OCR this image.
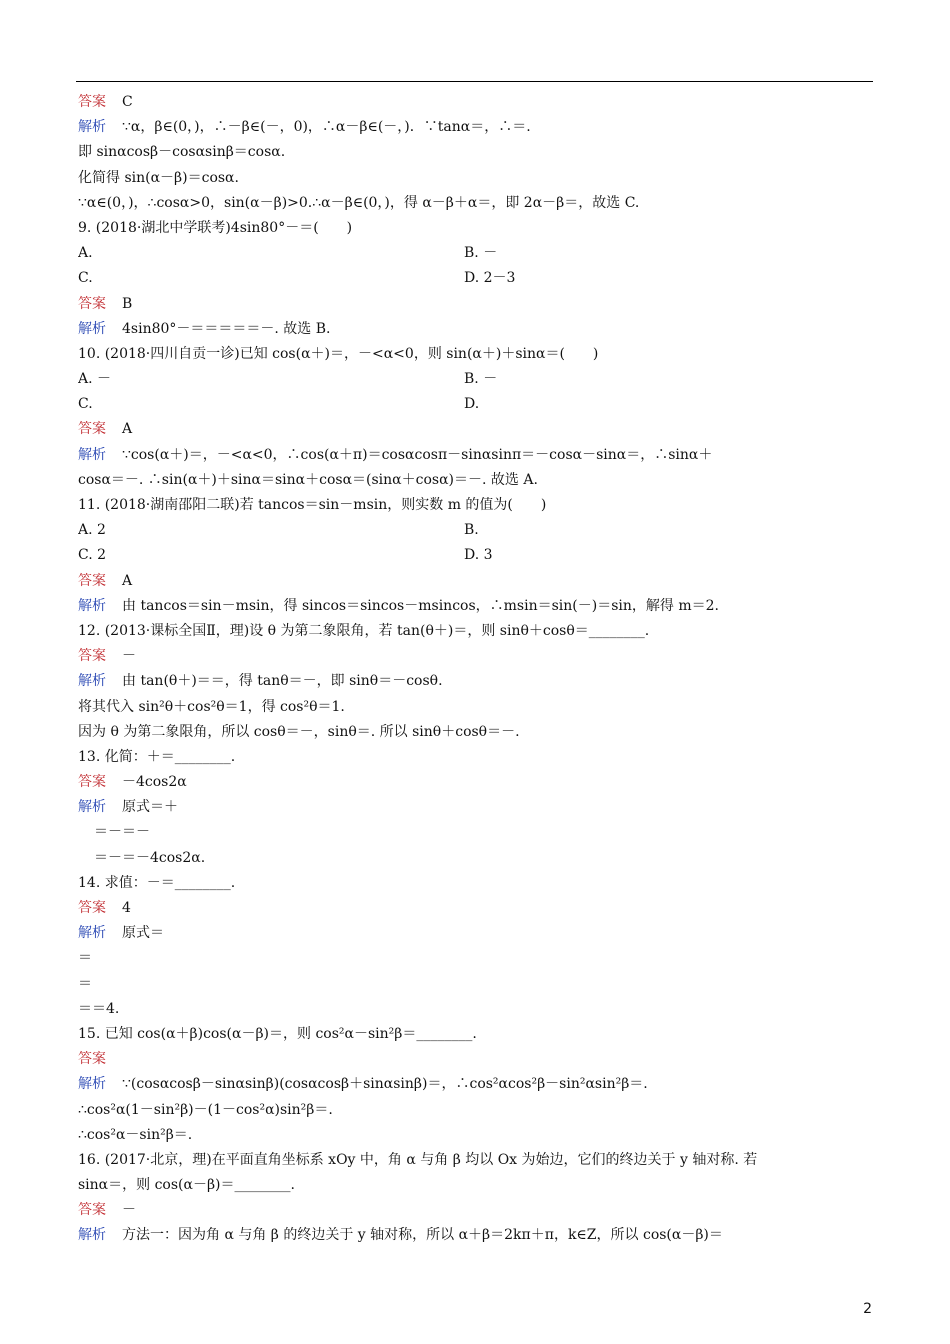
答案 C
解析 ∵α，β∈(0，)，∴－β∈(－，0)，∴α－β∈(－，)．∵tanα＝，∴＝.
即 sinαcosβ－cosαsinβ＝cosα.
化简得 sin(α－β)＝cosα.
∵α∈(0，)，∴cosα>0，sin(α－β)>0.∴α－β∈(0，)，得 α－β＋α＝，即 2α－β＝，故选 C.
9. (2018·湖北中学联考)4sin80°－＝(　　)
A.	B. －
C.	D. 2－3
答案 B
解析 4sin80°－＝＝＝＝＝－. 故选 B.
10. (2018·四川自贡一诊)已知 cos(α＋)＝，－<α<0，则 sin(α＋)＋sinα＝(　　)
A. －	B. －
C.	D.
答案 A
解析 ∵cos(α＋)＝，－<α<0，∴cos(α＋π)＝cosαcosπ－sinαsinπ＝－cosα－sinα＝，∴sinα＋
cosα＝－. ∴sin(α＋)＋sinα＝sinα＋cosα＝(sinα＋cosα)＝－. 故选 A.
11. (2018·湖南邵阳二联)若 tancos＝sin－msin，则实数 m 的值为(　　)
A. 2	B.
C. 2	D. 3
答案 A
解析 由 tancos＝sin－msin，得 sincos＝sincos－msincos，∴msin＝sin(－)＝sin，解得 m＝2.
12. (2013·课标全国Ⅱ，理)设 θ 为第二象限角，若 tan(θ＋)＝，则 sinθ＋cosθ＝________.
答案 －
解析 由 tan(θ＋)＝＝，得 tanθ＝－，即 sinθ＝－cosθ.
将其代入 sin²θ＋cos²θ＝1，得 cos²θ＝1.
因为 θ 为第二象限角，所以 cosθ＝－，sinθ＝. 所以 sinθ＋cosθ＝－.
13. 化简：＋＝________.
答案 －4cos2α
解析 原式＝＋
＝－＝－
＝－＝－4cos2α.
14. 求值：－＝________.
答案 4
解析 原式＝
＝
＝
＝＝4.
15. 已知 cos(α＋β)cos(α－β)＝，则 cos²α－sin²β＝________.
答案
解析 ∵(cosαcosβ－sinαsinβ)(cosαcosβ＋sinαsinβ)＝，∴cos²αcos²β－sin²αsin²β＝.
∴cos²α(1－sin²β)－(1－cos²α)sin²β＝.
∴cos²α－sin²β＝.
16. (2017·北京，理)在平面直角坐标系 xOy 中，角 α 与角 β 均以 Ox 为始边，它们的终边关于 y 轴对称. 若
sinα＝，则 cos(α－β)＝________.
答案 －
解析 方法一：因为角 α 与角 β 的终边关于 y 轴对称，所以 α＋β＝2kπ＋π，k∈Z，所以 cos(α－β)＝
2
